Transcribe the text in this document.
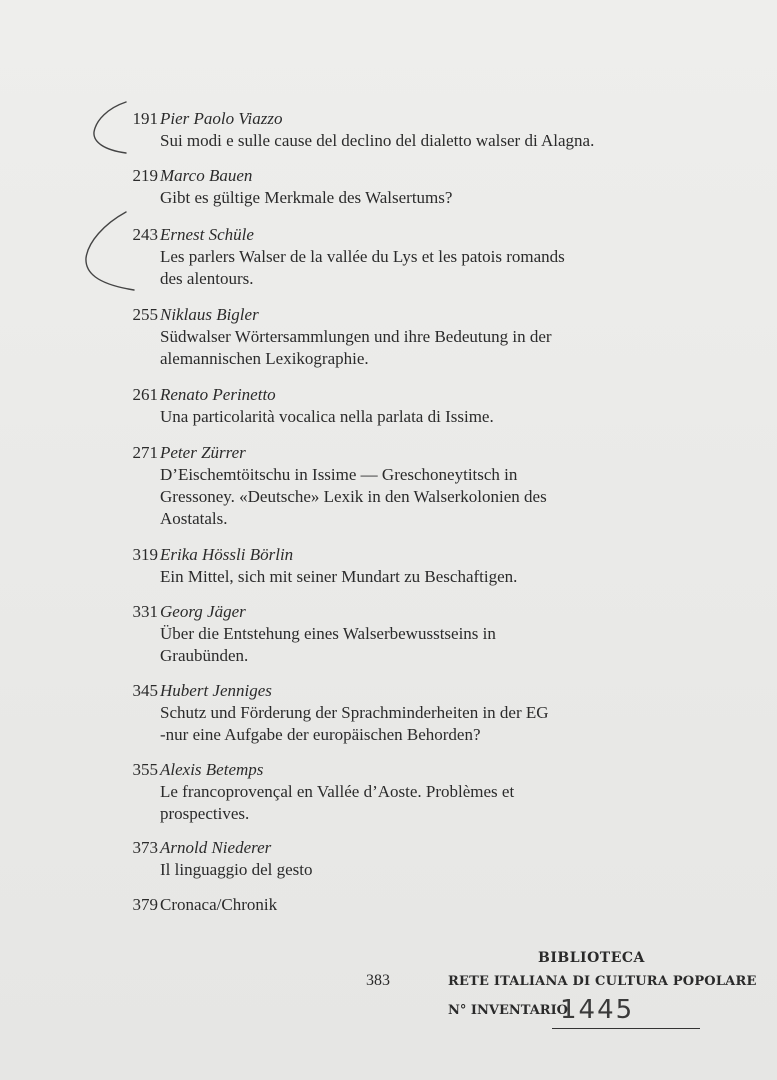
191 Pier Paolo Viazzo
Sui modi e sulle cause del declino del dialetto walser di Alagna.
219 Marco Bauen
Gibt es gültige Merkmale des Walsertums?
243 Ernest Schüle
Les parlers Walser de la vallée du Lys et les patois romands
des alentours.
255 Niklaus Bigler
Südwalser Wörtersammlungen und ihre Bedeutung in der
alemannischen Lexikographie.
261 Renato Perinetto
Una particolarità vocalica nella parlata di Issime.
271 Peter Zürrer
D’Eischemtöitschu in Issime — Greschoneytitsch in
Gressoney. «Deutsche» Lexik in den Walserkolonien des
Aostatals.
319 Erika Hössli Börlin
Ein Mittel, sich mit seiner Mundart zu Beschaftigen.
331 Georg Jäger
Über die Entstehung eines Walserbewusstseins in
Graubünden.
345 Hubert Jenniges
Schutz und Förderung der Sprachminderheiten in der EG
-nur eine Aufgabe der europäischen Behorden?
355 Alexis Betemps
Le francoprovençal en Vallée d’Aoste. Problèmes et
prospectives.
373 Arnold Niederer
Il linguaggio del gesto
379 Cronaca/Chronik
383
BIBLIOTECA
RETE ITALIANA DI CULTURA POPOLARE
N° INVENTARIO
1445
